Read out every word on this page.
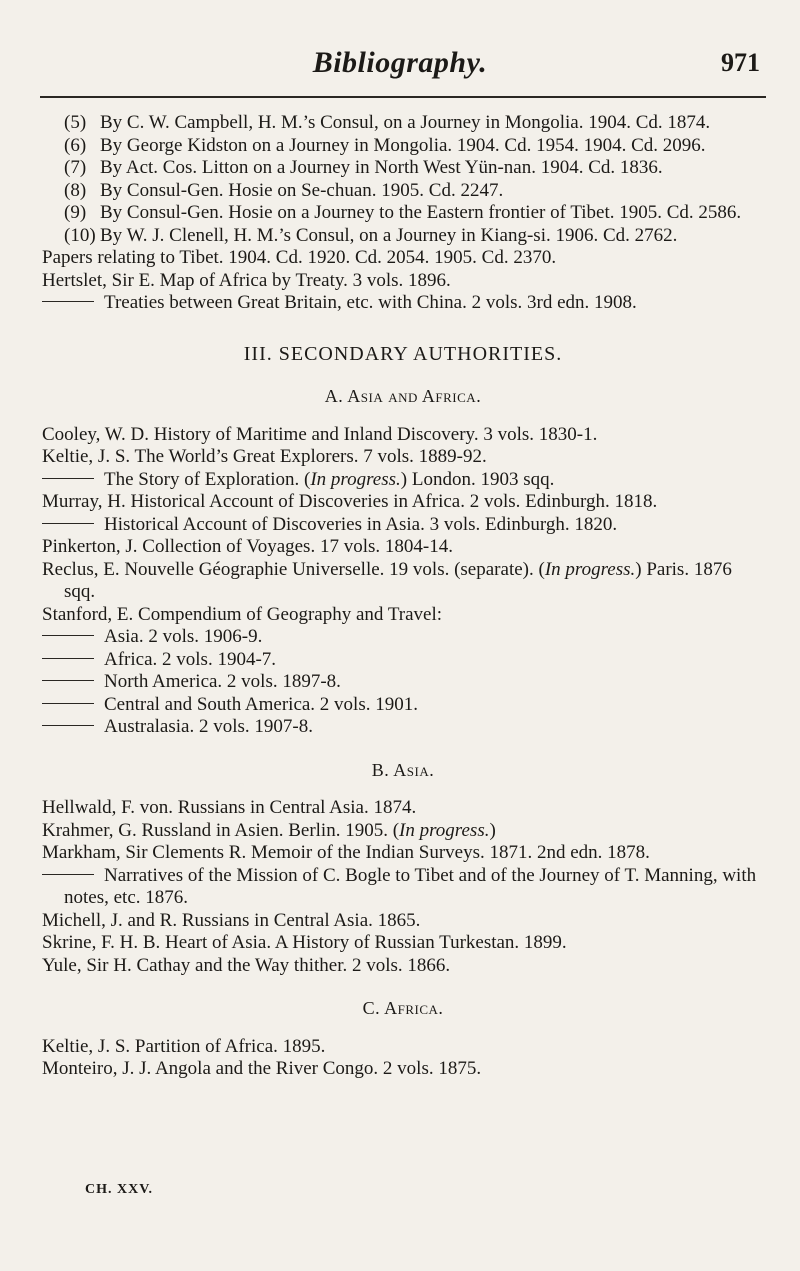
Bibliography.	971
(5) By C. W. Campbell, H. M.’s Consul, on a Journey in Mongolia. 1904. Cd. 1874.
(6) By George Kidston on a Journey in Mongolia. 1904. Cd. 1954. 1904. Cd. 2096.
(7) By Act. Cos. Litton on a Journey in North West Yün-nan. 1904. Cd. 1836.
(8) By Consul-Gen. Hosie on Se-chuan. 1905. Cd. 2247.
(9) By Consul-Gen. Hosie on a Journey to the Eastern frontier of Tibet. 1905. Cd. 2586.
(10) By W. J. Clenell, H. M.’s Consul, on a Journey in Kiang-si. 1906. Cd. 2762.
Papers relating to Tibet. 1904. Cd. 1920. Cd. 2054. 1905. Cd. 2370.
Hertslet, Sir E. Map of Africa by Treaty. 3 vols. 1896.
Treaties between Great Britain, etc. with China. 2 vols. 3rd edn. 1908.
III. SECONDARY AUTHORITIES.
A. Asia and Africa.
Cooley, W. D. History of Maritime and Inland Discovery. 3 vols. 1830-1.
Keltie, J. S. The World’s Great Explorers. 7 vols. 1889-92.
The Story of Exploration. (In progress.) London. 1903 sqq.
Murray, H. Historical Account of Discoveries in Africa. 2 vols. Edinburgh. 1818.
Historical Account of Discoveries in Asia. 3 vols. Edinburgh. 1820.
Pinkerton, J. Collection of Voyages. 17 vols. 1804-14.
Reclus, E. Nouvelle Géographie Universelle. 19 vols. (separate). (In progress.) Paris. 1876 sqq.
Stanford, E. Compendium of Geography and Travel:
Asia. 2 vols. 1906-9.
Africa. 2 vols. 1904-7.
North America. 2 vols. 1897-8.
Central and South America. 2 vols. 1901.
Australasia. 2 vols. 1907-8.
B. Asia.
Hellwald, F. von. Russians in Central Asia. 1874.
Krahmer, G. Russland in Asien. Berlin. 1905. (In progress.)
Markham, Sir Clements R. Memoir of the Indian Surveys. 1871. 2nd edn. 1878.
Narratives of the Mission of C. Bogle to Tibet and of the Journey of T. Manning, with notes, etc. 1876.
Michell, J. and R. Russians in Central Asia. 1865.
Skrine, F. H. B. Heart of Asia. A History of Russian Turkestan. 1899.
Yule, Sir H. Cathay and the Way thither. 2 vols. 1866.
C. Africa.
Keltie, J. S. Partition of Africa. 1895.
Monteiro, J. J. Angola and the River Congo. 2 vols. 1875.
CH. XXV.
